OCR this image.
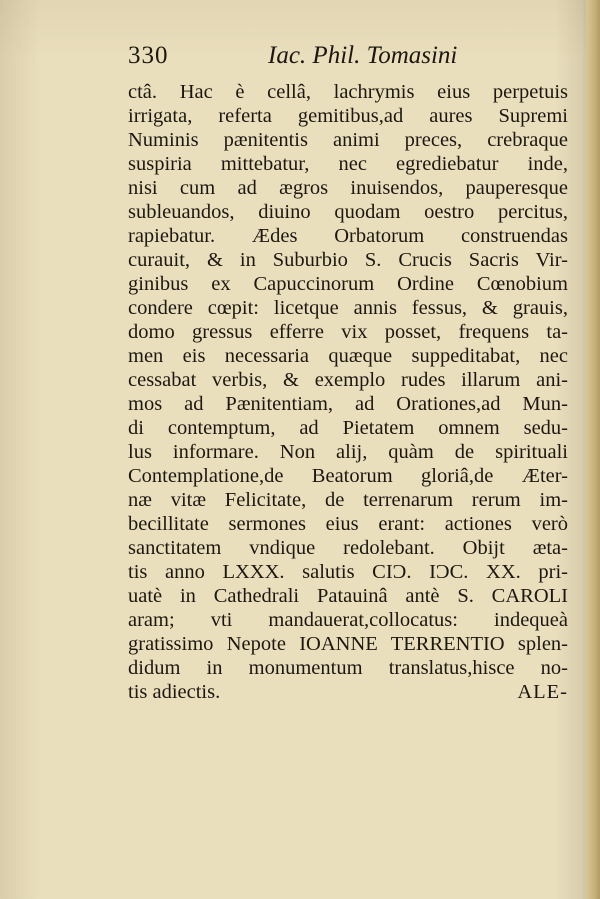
330	Iac. Phil. Tomasini
ctâ. Hac è cellâ, lachrymis eius perpetuis
irrigata, referta gemitibus,ad aures Supremi
Numinis pænitentis animi preces, crebraque
suspiria mittebatur, nec egrediebatur inde,
nisi cum ad ægros inuisendos, pauperesque
subleuandos, diuino quodam oestro percitus,
rapiebatur. Ædes Orbatorum construendas
curauit, & in Suburbio S. Crucis Sacris Vir-
ginibus ex Capuccinorum Ordine Cœnobium
condere cœpit: licetque annis fessus, & grauis,
domo gressus efferre vix posset, frequens ta-
men eis necessaria quæque suppeditabat, nec
cessabat verbis, & exemplo rudes illarum ani-
mos ad Pænitentiam, ad Orationes,ad Mun-
di contemptum, ad Pietatem omnem sedu-
lus informare. Non alij, quàm de spirituali
Contemplatione,de Beatorum gloriâ,de Æter-
næ vitæ Felicitate, de terrenarum rerum im-
becillitate sermones eius erant: actiones verò
sanctitatem vndique redolebant. Obijt æta-
tis anno LXXX. salutis CIƆ. IƆC. XX. pri-
uatè in Cathedrali Patauinâ antè S. CAROLI
aram; vti mandauerat,collocatus: indequeà
gratissimo Nepote IOANNE TERRENTIO splen-
didum in monumentum translatus,hisce no-
tis adiectis.	ALE-
